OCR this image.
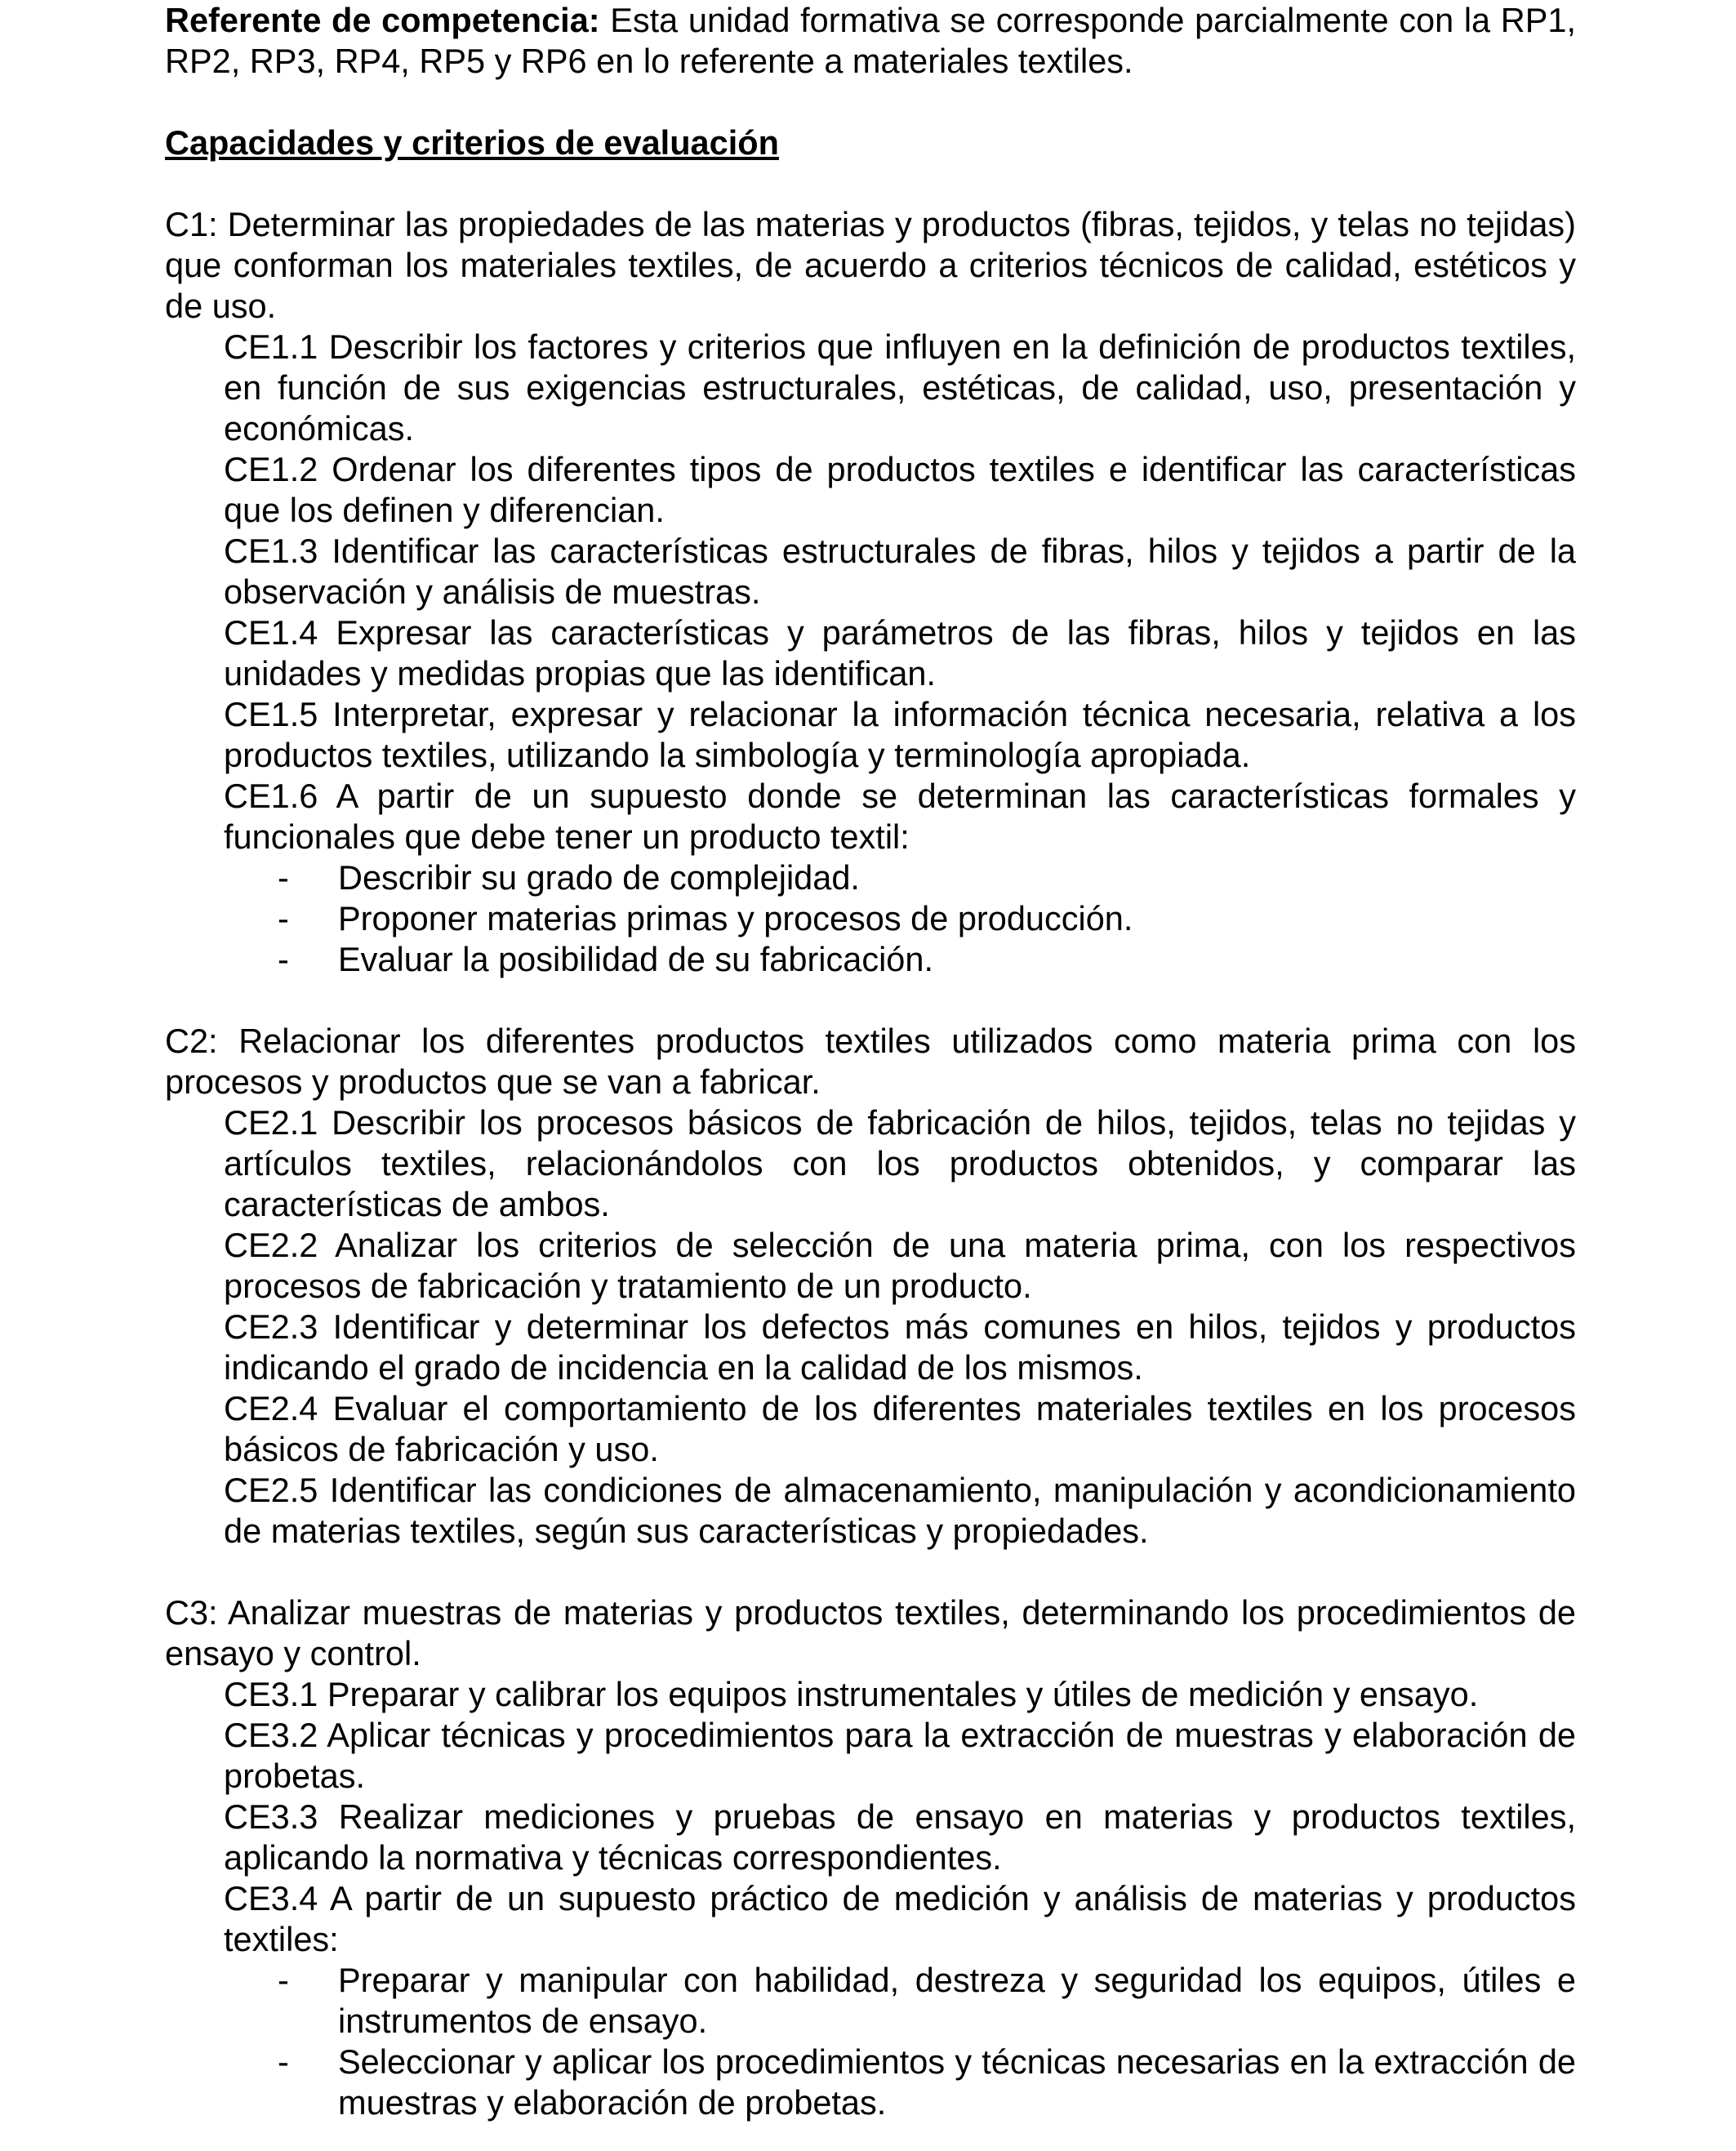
Referente de competencia: Esta unidad formativa se corresponde parcialmente con la RP1, RP2, RP3, RP4, RP5 y RP6 en lo referente a materiales textiles.

Capacidades y criterios de evaluación

C1: Determinar las propiedades de las materias y productos (fibras, tejidos, y telas no tejidas) que conforman los materiales textiles, de acuerdo a criterios técnicos de calidad, estéticos y de uso.

CE1.1 Describir los factores y criterios que influyen en la definición de productos textiles, en función de sus exigencias estructurales, estéticas, de calidad, uso, presentación y económicas.

CE1.2 Ordenar los diferentes tipos de productos textiles e identificar las características que los definen y diferencian.

CE1.3 Identificar las características estructurales de fibras, hilos y tejidos a partir de la observación y análisis de muestras.

CE1.4 Expresar las características y parámetros de las fibras, hilos y tejidos en las unidades y medidas propias que las identifican.

CE1.5 Interpretar, expresar y relacionar la información técnica necesaria, relativa a los productos textiles, utilizando la simbología y terminología apropiada.

CE1.6 A partir de un supuesto donde se determinan las características formales y funcionales que debe tener un producto textil:

-	Describir su grado de complejidad.
-	Proponer materias primas y procesos de producción.
-	Evaluar la posibilidad de su fabricación.

C2: Relacionar los diferentes productos textiles utilizados como materia prima con los procesos y productos que se van a fabricar.

CE2.1 Describir los procesos básicos de fabricación de hilos, tejidos, telas no tejidas y artículos textiles, relacionándolos con los productos obtenidos, y comparar las características de ambos.

CE2.2 Analizar los criterios de selección de una materia prima, con los respectivos procesos de fabricación y tratamiento de un producto.

CE2.3 Identificar y determinar los defectos más comunes en hilos, tejidos y productos indicando el grado de incidencia en la calidad de los mismos.

CE2.4 Evaluar el comportamiento de los diferentes materiales textiles en los procesos básicos de fabricación y uso.

CE2.5 Identificar las condiciones de almacenamiento, manipulación y acondicionamiento de materias textiles, según sus características y propiedades.

C3: Analizar muestras de materias y productos textiles, determinando los procedimientos de ensayo y control.

CE3.1 Preparar y calibrar los equipos instrumentales y útiles de medición y ensayo.

CE3.2 Aplicar técnicas y procedimientos para la extracción de muestras y elaboración de probetas.

CE3.3 Realizar mediciones y pruebas de ensayo en materias y productos textiles, aplicando la normativa y técnicas correspondientes.

CE3.4 A partir de un supuesto práctico de medición y análisis de materias y productos textiles:

-	Preparar y manipular con habilidad, destreza y seguridad los equipos, útiles e instrumentos de ensayo.
-	Seleccionar y aplicar los procedimientos y técnicas necesarias en la extracción de muestras y elaboración de probetas.
